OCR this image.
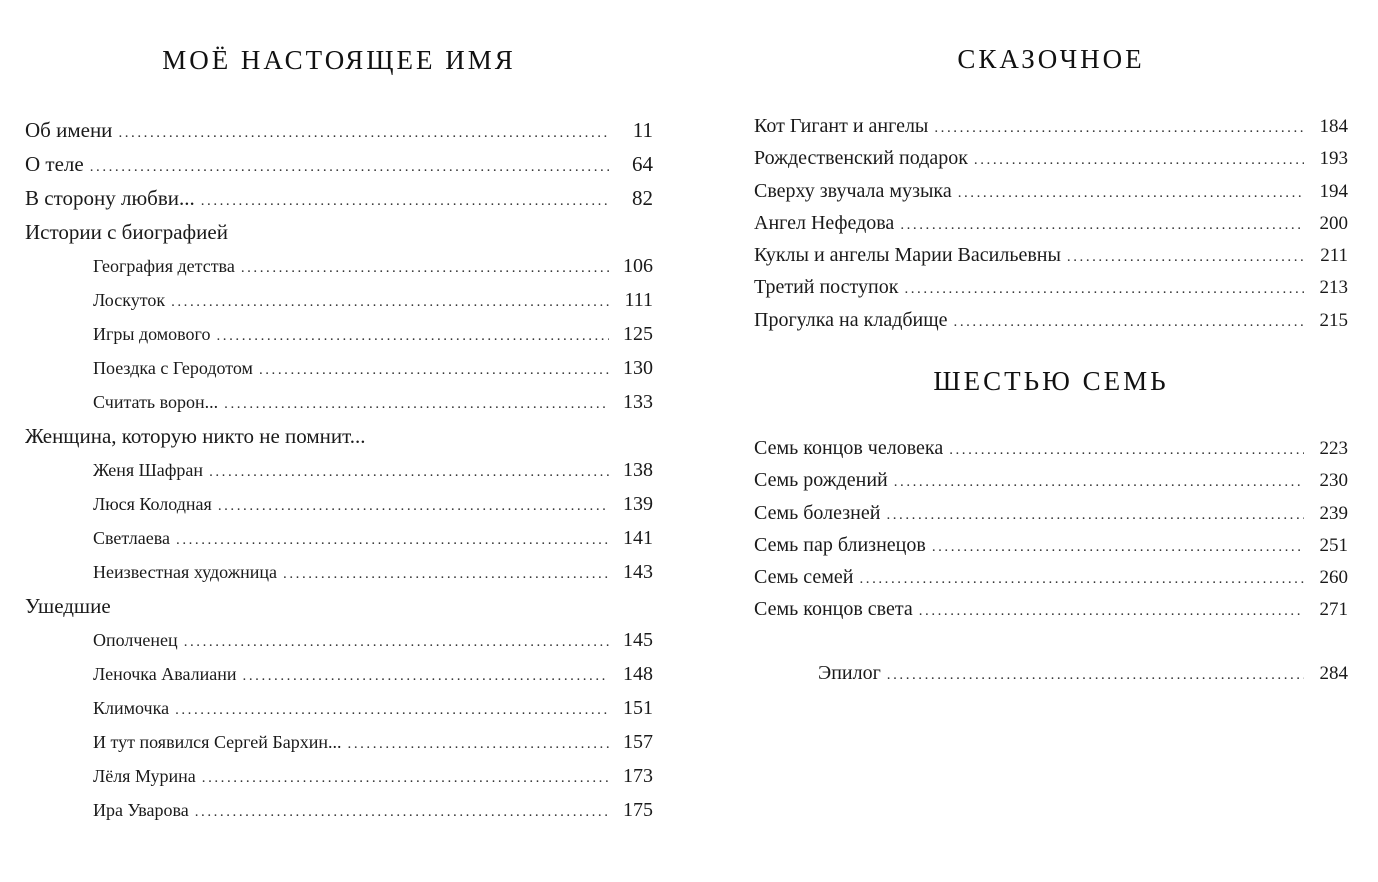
МОЁ НАСТОЯЩЕЕ ИМЯ
Об имени . . .	11
О теле . . .	64
В сторону любви... . . .	82
Истории с биографией
География детства . . .	106
Лоскуток . . .	111
Игры домового . . .	125
Поездка с Геродотом . . .	130
Считать ворон... . . .	133
Женщина, которую никто не помнит...
Женя Шафран . . .	138
Люся Колодная . . .	139
Светлаева . . .	141
Неизвестная художница . . .	143
Ушедшие
Ополченец . . .	145
Леночка Авалиани . . .	148
Климочка . . .	151
И тут появился Сергей Бархин... . . .	157
Лёля Мурина . . .	173
Ира Уварова . . .	175
СКАЗОЧНОЕ
Кот Гигант и ангелы . . .	184
Рождественский подарок . . .	193
Сверху звучала музыка . . .	194
Ангел Нефедова . . .	200
Куклы и ангелы Марии Васильевны . . .	211
Третий поступок . . .	213
Прогулка на кладбище . . .	215
ШЕСТЬЮ СЕМЬ
Семь концов человека . . .	223
Семь рождений . . .	230
Семь болезней . . .	239
Семь пар близнецов . . .	251
Семь семей . . .	260
Семь концов света . . .	271
Эпилог . . .	284
